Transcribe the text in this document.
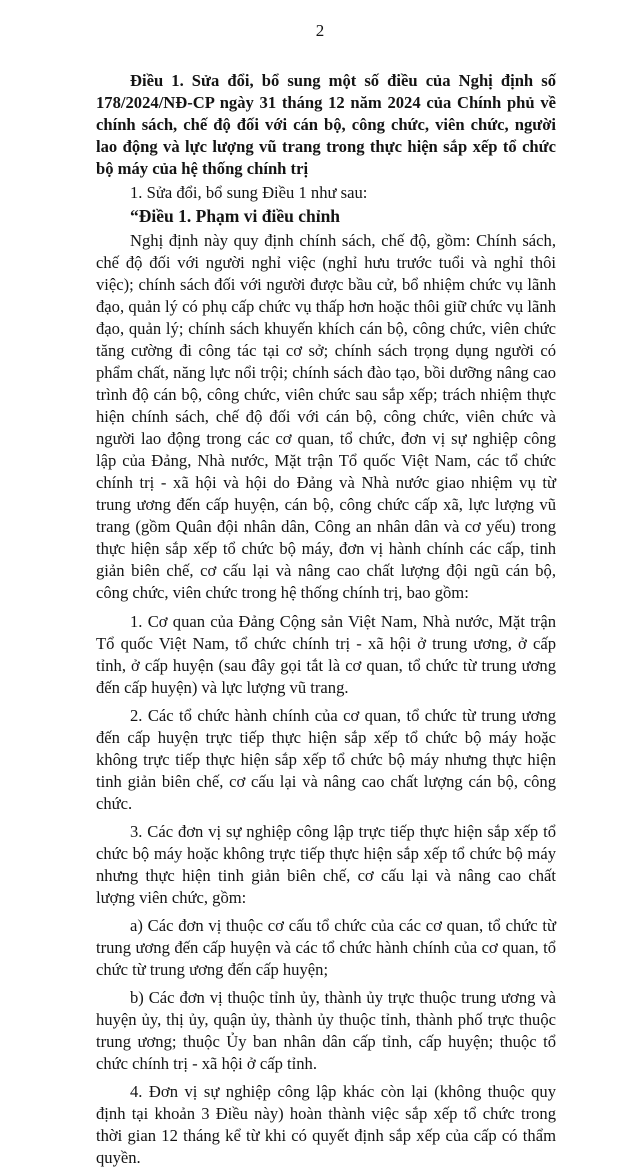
2

Điều 1. Sửa đổi, bổ sung một số điều của Nghị định số 178/2024/NĐ-CP ngày 31 tháng 12 năm 2024 của Chính phủ về chính sách, chế độ đối với cán bộ, công chức, viên chức, người lao động và lực lượng vũ trang trong thực hiện sắp xếp tổ chức bộ máy của hệ thống chính trị

1. Sửa đổi, bổ sung Điều 1 như sau:

“Điều 1. Phạm vi điều chỉnh

Nghị định này quy định chính sách, chế độ, gồm: Chính sách, chế độ đối với người nghỉ việc (nghỉ hưu trước tuổi và nghỉ thôi việc); chính sách đối với người được bầu cử, bổ nhiệm chức vụ lãnh đạo, quản lý có phụ cấp chức vụ thấp hơn hoặc thôi giữ chức vụ lãnh đạo, quản lý; chính sách khuyến khích cán bộ, công chức, viên chức tăng cường đi công tác tại cơ sở; chính sách trọng dụng người có phẩm chất, năng lực nổi trội; chính sách đào tạo, bồi dưỡng nâng cao trình độ cán bộ, công chức, viên chức sau sắp xếp; trách nhiệm thực hiện chính sách, chế độ đối với cán bộ, công chức, viên chức và người lao động trong các cơ quan, tổ chức, đơn vị sự nghiệp công lập của Đảng, Nhà nước, Mặt trận Tổ quốc Việt Nam, các tổ chức chính trị - xã hội và hội do Đảng và Nhà nước giao nhiệm vụ từ trung ương đến cấp huyện, cán bộ, công chức cấp xã, lực lượng vũ trang (gồm Quân đội nhân dân, Công an nhân dân và cơ yếu) trong thực hiện sắp xếp tổ chức bộ máy, đơn vị hành chính các cấp, tinh giản biên chế, cơ cấu lại và nâng cao chất lượng đội ngũ cán bộ, công chức, viên chức trong hệ thống chính trị, bao gồm:

1. Cơ quan của Đảng Cộng sản Việt Nam, Nhà nước, Mặt trận Tổ quốc Việt Nam, tổ chức chính trị - xã hội ở trung ương, ở cấp tỉnh, ở cấp huyện (sau đây gọi tắt là cơ quan, tổ chức từ trung ương đến cấp huyện) và lực lượng vũ trang.

2. Các tổ chức hành chính của cơ quan, tổ chức từ trung ương đến cấp huyện trực tiếp thực hiện sắp xếp tổ chức bộ máy hoặc không trực tiếp thực hiện sắp xếp tổ chức bộ máy nhưng thực hiện tinh giản biên chế, cơ cấu lại và nâng cao chất lượng cán bộ, công chức.

3. Các đơn vị sự nghiệp công lập trực tiếp thực hiện sắp xếp tổ chức bộ máy hoặc không trực tiếp thực hiện sắp xếp tổ chức bộ máy nhưng thực hiện tinh giản biên chế, cơ cấu lại và nâng cao chất lượng viên chức, gồm:

a) Các đơn vị thuộc cơ cấu tổ chức của các cơ quan, tổ chức từ trung ương đến cấp huyện và các tổ chức hành chính của cơ quan, tổ chức từ trung ương đến cấp huyện;

b) Các đơn vị thuộc tỉnh ủy, thành ủy trực thuộc trung ương và huyện ủy, thị ủy, quận ủy, thành ủy thuộc tỉnh, thành phố trực thuộc trung ương; thuộc Ủy ban nhân dân cấp tỉnh, cấp huyện; thuộc tổ chức chính trị - xã hội ở cấp tỉnh.

4. Đơn vị sự nghiệp công lập khác còn lại (không thuộc quy định tại khoản 3 Điều này) hoàn thành việc sắp xếp tổ chức trong thời gian 12 tháng kể từ khi có quyết định sắp xếp của cấp có thẩm quyền.
